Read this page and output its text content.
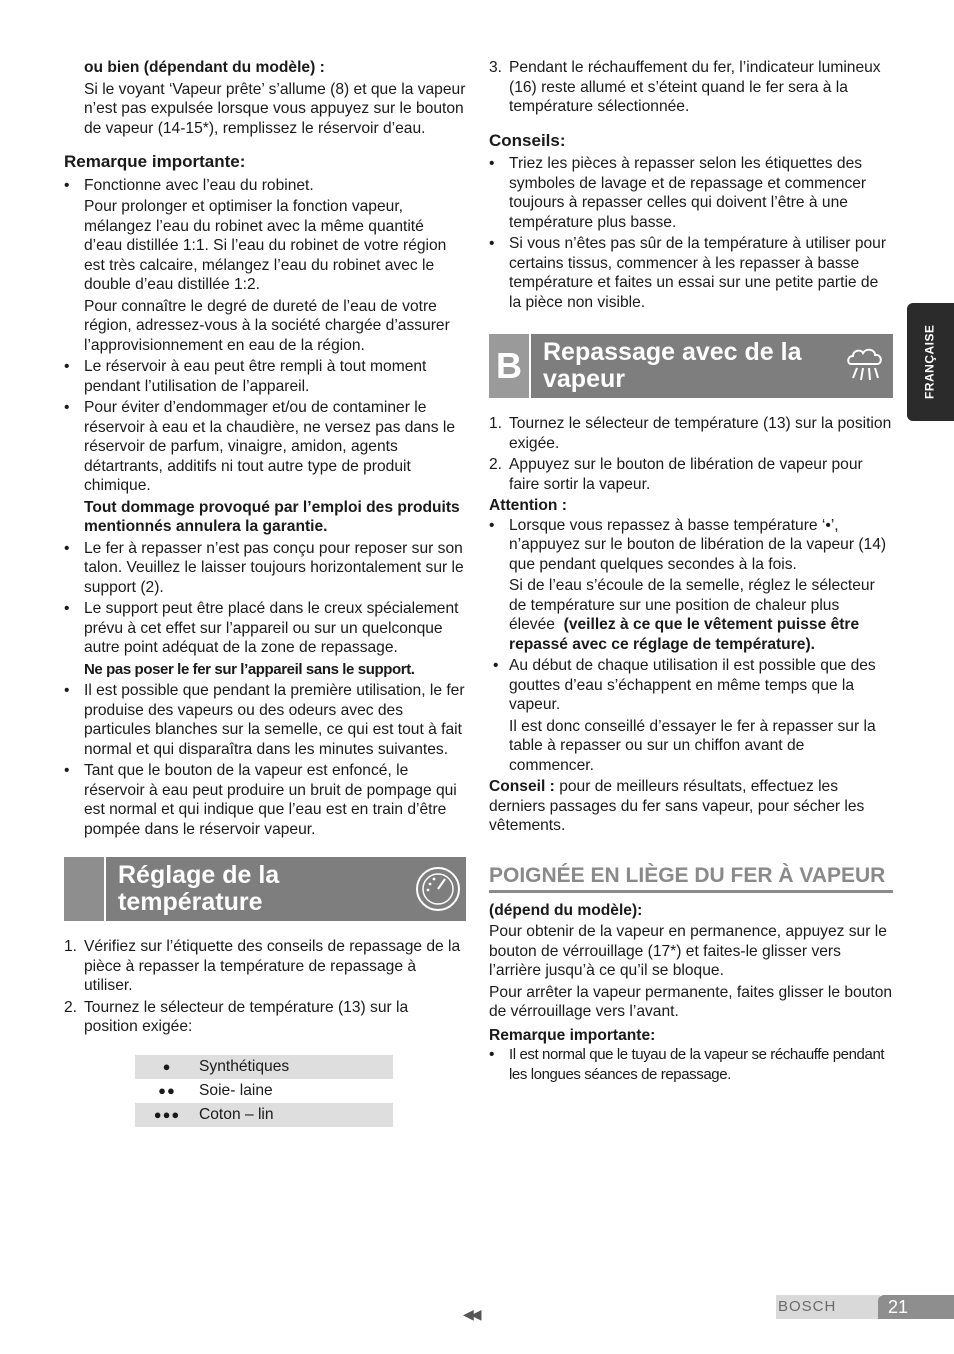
FRANÇAISE

ou bien (dépendant du modèle) :

Si le voyant ‘Vapeur prête’ s’allume (8) et que la vapeur n’est pas expulsée lorsque vous appuyez sur le bouton de vapeur (14-15*), remplissez le réservoir d’eau.

Remarque importante:

• Fonctionne avec l’eau du robinet.

Pour prolonger et optimiser la fonction vapeur, mélangez l’eau du robinet avec la même quantité d’eau distillée 1:1. Si l’eau du robinet de votre région est très calcaire, mélangez l’eau du robinet avec le double d’eau distillée 1:2.

Pour connaître le degré de dureté de l’eau de votre région, adressez-vous à la société chargée d’assurer l’approvisionnement en eau de la région.

• Le réservoir à eau peut être rempli à tout moment pendant l’utilisation de l’appareil.

• Pour éviter d’endommager et/ou de contaminer le réservoir à eau et la chaudière, ne versez pas dans le réservoir de parfum, vinaigre, amidon, agents détartrants, additifs ni tout autre type de produit chimique.

Tout dommage provoqué par l’emploi des produits mentionnés annulera la garantie.

• Le fer à repasser n’est pas conçu pour reposer sur son talon. Veuillez le laisser toujours horizontalement sur le support (2).

• Le support peut être placé dans le creux spécialement prévu à cet effet sur l’appareil ou sur un quelconque autre point adéquat de la zone de repassage.

Ne pas poser le fer sur l’appareil sans le support.

• Il est possible que pendant la première utilisation, le fer produise des vapeurs ou des odeurs avec des particules blanches sur la semelle, ce qui est tout à fait normal et qui disparaîtra dans les minutes suivantes.

• Tant que le bouton de la vapeur est enfoncé, le réservoir à eau peut produire un bruit de pompage qui est normal et qui indique que l’eau est en train d’être pompée dans le réservoir vapeur.

Réglage de la température
1. Vérifiez sur l’étiquette des conseils de repassage de la pièce à repasser la température de repassage à utiliser.

2. Tournez le sélecteur de température (13) sur la position exigée:

●	Synthétiques
●●	Soie- laine
●●●	Coton – lin
3. Pendant le réchauffement du fer, l’indicateur lumineux (16) reste allumé et s’éteint quand le fer sera à la température sélectionnée.

Conseils:

• Triez les pièces à repasser selon les étiquettes des symboles de lavage et de repassage et commencer toujours à repasser celles qui doivent l’être à une température plus basse.

• Si vous n’êtes pas sûr de la température à utiliser pour certains tissus, commencer à les repasser à basse température et faites un essai sur une petite partie de la pièce non visible.

B Repassage avec de la vapeur
1. Tournez le sélecteur de température (13) sur la position exigée.

2. Appuyez sur le bouton de libération de vapeur pour faire sortir la vapeur.

Attention :

• Lorsque vous repassez à basse température ‘•’, n’appuyez sur le bouton de libération de la vapeur (14) que pendant quelques secondes à la fois.

Si de l’eau s’écoule de la semelle, réglez le sélecteur de température sur une position de chaleur plus élevée (veillez à ce que le vêtement puisse être repassé avec ce réglage de température).

• Au début de chaque utilisation il est possible que des gouttes d’eau s’échappent en même temps que la vapeur.

Il est donc conseillé d’essayer le fer à repasser sur la table à repasser ou sur un chiffon avant de commencer.

Conseil : pour de meilleurs résultats, effectuez les derniers passages du fer sans vapeur, pour sécher les vêtements.

POIGNÉE EN LIÈGE DU FER À VAPEUR

(dépend du modèle):

Pour obtenir de la vapeur en permanence, appuyez sur le bouton de vérrouillage (17*) et faites-le glisser vers l’arrière jusqu’à ce qu’il se bloque.

Pour arrêter la vapeur permanente, faites glisser le bouton de vérrouillage vers l’avant.

Remarque importante:

• Il est normal que le tuyau de la vapeur se réchauffe pendant les longues séances de repassage.

◀◀	BOSCH	21
